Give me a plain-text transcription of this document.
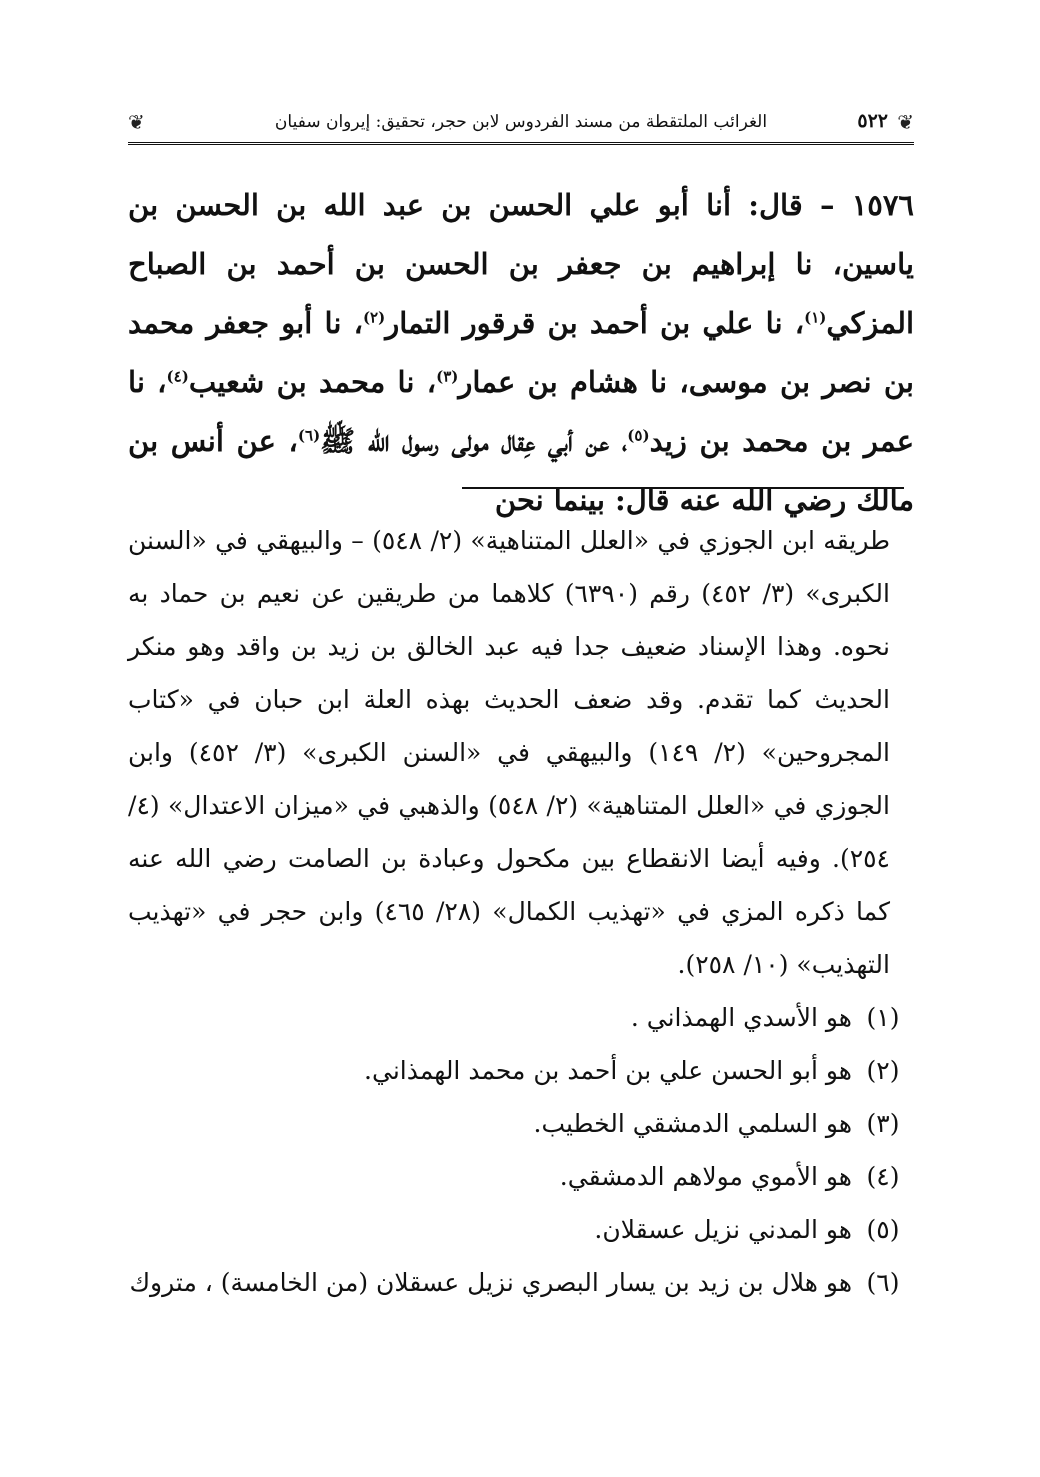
❦
٥٢٢
الغرائب الملتقطة من مسند الفردوس لابن حجر، تحقيق: إيروان سفيان
❦
١٥٧٦ – قال: أنا أبو علي الحسن بن عبد الله بن الحسن بن ياسين، نا إبراهيم بن جعفر بن الحسن بن أحمد بن الصباح المزكي$^{(١)}$، نا علي بن أحمد بن قرقور التمار$^{(٢)}$، نا أبو جعفر محمد بن نصر بن موسى، نا هشام بن عمار$^{(٣)}$، نا محمد بن شعيب$^{(٤)}$، نا عمر بن محمد بن زيد$^{(٥)}$، عن أبي عِقال مولى رسول الله ﷺ$^{(٦)}$، عن أنس بن مالك رضي الله عنه قال: بينما نحن

طريقه ابن الجوزي في «العلل المتناهية» (٢/ ٥٤٨) – والبيهقي في «السنن الكبرى» (٣/ ٤٥٢) رقم (٦٣٩٠) كلاهما من طريقين عن نعيم بن حماد به نحوه. وهذا الإسناد ضعيف جدا فيه عبد الخالق بن زيد بن واقد وهو منكر الحديث كما تقدم. وقد ضعف الحديث بهذه العلة ابن حبان في «كتاب المجروحين» (٢/ ١٤٩) والبيهقي في «السنن الكبرى» (٣/ ٤٥٢) وابن الجوزي في «العلل المتناهية» (٢/ ٥٤٨) والذهبي في «ميزان الاعتدال» (٤/ ٢٥٤). وفيه أيضا الانقطاع بين مكحول وعبادة بن الصامت رضي الله عنه كما ذكره المزي في «تهذيب الكمال» (٢٨/ ٤٦٥) وابن حجر في «تهذيب التهذيب» (١٠/ ٢٥٨).

(١)
هو الأسدي الهمذاني .
(٢)
هو أبو الحسن علي بن أحمد بن محمد الهمذاني.
(٣)
هو السلمي الدمشقي الخطيب.
(٤)
هو الأموي مولاهم الدمشقي.
(٥)
هو المدني نزيل عسقلان.
(٦)
هو هلال بن زيد بن يسار البصري نزيل عسقلان (من الخامسة) ، متروك
